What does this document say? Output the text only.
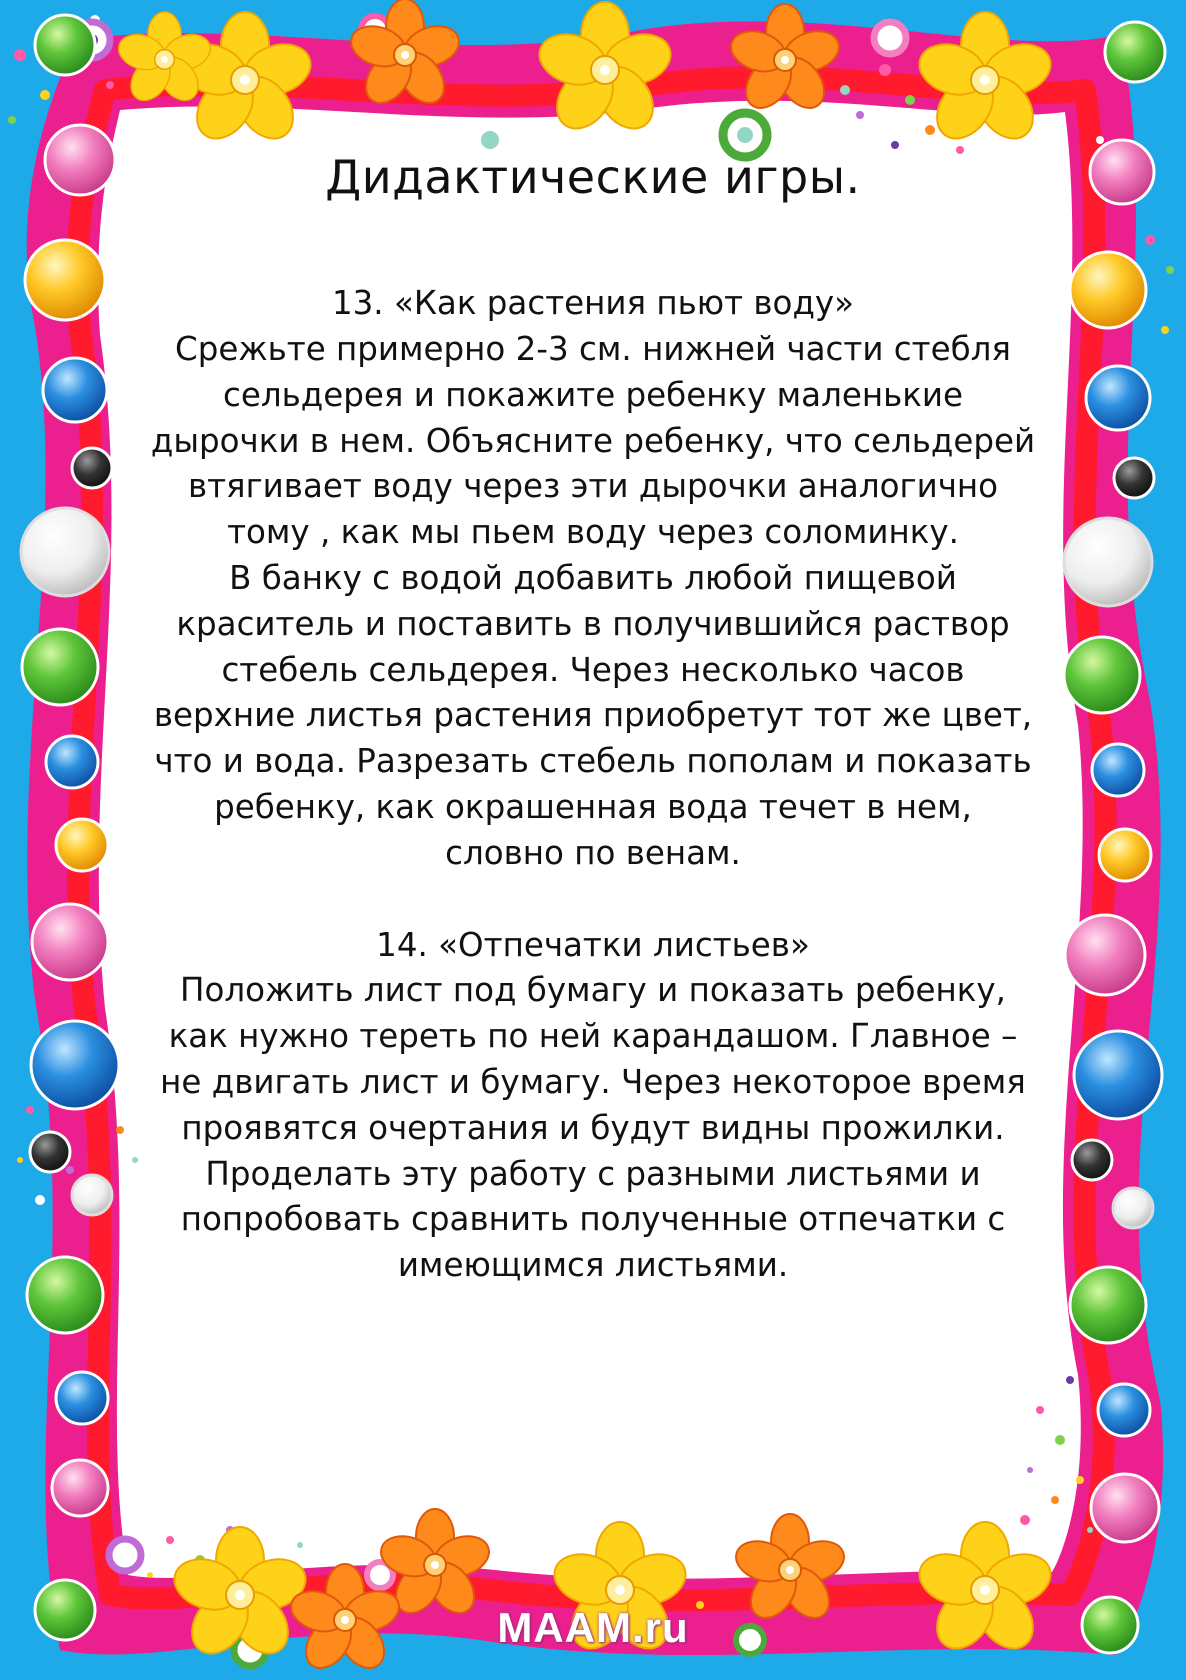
Дидактические игры.
13. «Как растения пьют воду»
Срежьте примерно 2-3 см. нижней части стебля сельдерея и покажите ребенку маленькие дырочки в нем. Объясните ребенку, что сельдерей втягивает воду через эти дырочки аналогично тому , как мы пьем воду через соломинку.
В банку с водой добавить любой пищевой краситель и поставить в получившийся раствор стебель сельдерея. Через несколько часов верхние листья растения приобретут тот же цвет, что и вода. Разрезать стебель пополам и показать ребенку, как окрашенная вода течет в нем, словно по венам.
14. «Отпечатки листьев»
Положить лист под бумагу и показать ребенку, как нужно тереть по ней карандашом. Главное – не двигать лист и бумагу. Через некоторое время проявятся очертания и будут видны прожилки. Проделать эту работу с разными листьями и попробовать сравнить полученные отпечатки с имеющимся листьями.
MAAM.ru
